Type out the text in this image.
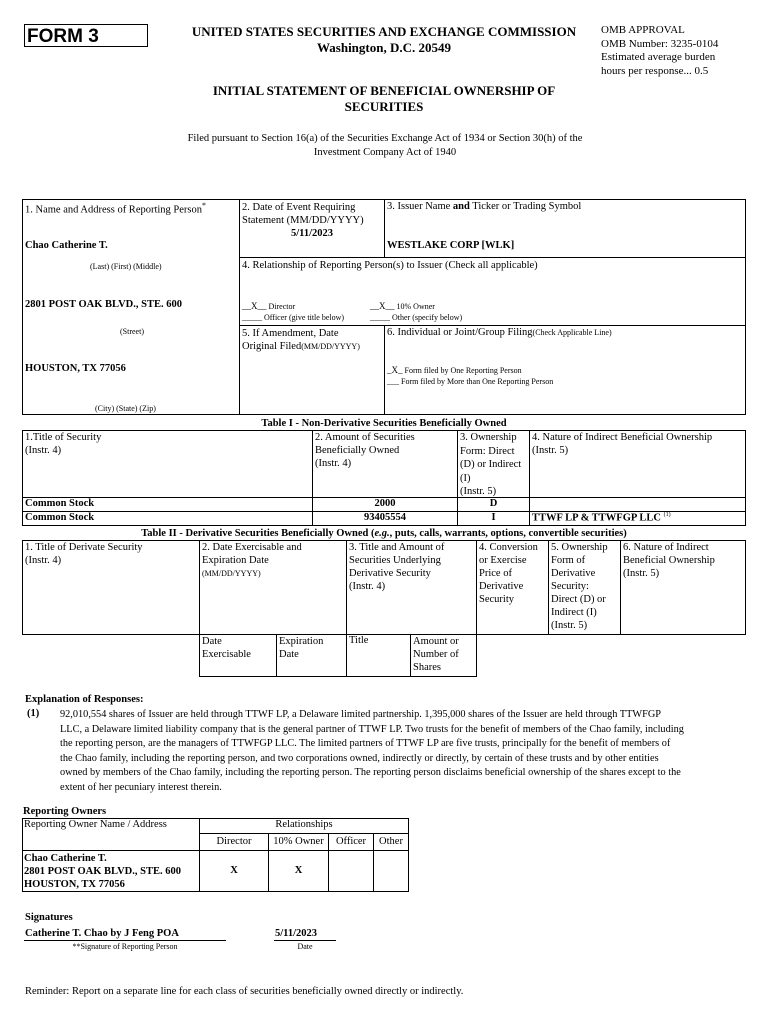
FORM 3	UNITED STATES SECURITIES AND EXCHANGE COMMISSION
Washington, D.C. 20549
OMB APPROVAL
OMB Number: 3235-0104
Estimated average burden
hours per response... 0.5
INITIAL STATEMENT OF BENEFICIAL OWNERSHIP OF
SECURITIES
Filed pursuant to Section 16(a) of the Securities Exchange Act of 1934 or Section 30(h) of the
Investment Company Act of 1940
1. Name and Address of Reporting Person*
Chao Catherine T.
(Last) (First) (Middle)
2801 POST OAK BLVD., STE. 600
(Street)
HOUSTON, TX 77056
(City) (State) (Zip)
2. Date of Event Requiring
Statement (MM/DD/YYYY)
5/11/2023
3. Issuer Name and Ticker or Trading Symbol
WESTLAKE CORP [WLK]
4. Relationship of Reporting Person(s) to Issuer (Check all applicable)
__X__ Director	__X__ 10% Owner
_____ Officer (give title below)	_____ Other (specify below)
5. If Amendment, Date
Original Filed(MM/DD/YYYY)
6. Individual or Joint/Group Filing(Check Applicable Line)
_X_ Form filed by One Reporting Person
___ Form filed by More than One Reporting Person
Table I - Non-Derivative Securities Beneficially Owned
1.Title of Security
(Instr. 4)
2. Amount of Securities
Beneficially Owned
(Instr. 4)
3. Ownership
Form: Direct
(D) or Indirect
(I)
(Instr. 5)
4. Nature of Indirect Beneficial Ownership
(Instr. 5)
Common Stock	2000	D
Common Stock	93405554	I	TTWF LP & TTWFGP LLC $^{(1)}$
Table II - Derivative Securities Beneficially Owned (e.g., puts, calls, warrants, options, convertible securities)
1. Title of Derivate Security
(Instr. 4)
2. Date Exercisable and
Expiration Date
(MM/DD/YYYY)
3. Title and Amount of
Securities Underlying
Derivative Security
(Instr. 4)
4. Conversion
or Exercise
Price of
Derivative
Security
5. Ownership
Form of
Derivative
Security:
Direct (D) or
Indirect (I)
(Instr. 5)
6. Nature of Indirect
Beneficial Ownership
(Instr. 5)
Date
Exercisable
Expiration
Date
Title	Amount or
Number of
Shares
Explanation of Responses:
(1) 92,010,554 shares of Issuer are held through TTWF LP, a Delaware limited partnership. 1,395,000 shares of the Issuer are held through TTWFGP
LLC, a Delaware limited liability company that is the general partner of TTWF LP. Two trusts for the benefit of members of the Chao family, including
the reporting person, are the managers of TTWFGP LLC. The limited partners of TTWF LP are five trusts, principally for the benefit of members of
the Chao family, including the reporting person, and two corporations owned, indirectly or directly, by certain of these trusts and by other entities
owned by members of the Chao family, including the reporting person. The reporting person disclaims beneficial ownership of the shares except to the
extent of her pecuniary interest therein.
Reporting Owners
Reporting Owner Name / Address	Relationships
Director	10% Owner	Officer	Other
Chao Catherine T.
2801 POST OAK BLVD., STE. 600
HOUSTON, TX 77056
X	X
Signatures
Catherine T. Chao by J Feng POA	5/11/2023
**Signature of Reporting Person	Date
Reminder: Report on a separate line for each class of securities beneficially owned directly or indirectly.
